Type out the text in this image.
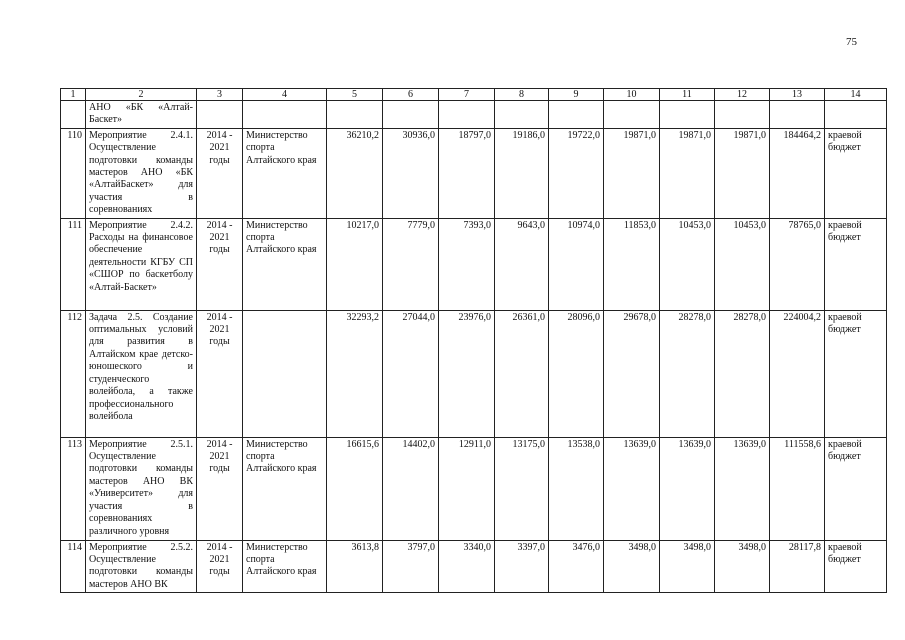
75
1	2	3	4	5	6	7	8	9	10	11	12	13	14
	АНО «БК «Алтай-Баскет»												
110	Мероприятие 2.4.1. Осуществление подготовки команды мастеров АНО «БК «АлтайБаскет» для участия в соревнованиях	2014 - 2021 годы	Министерство спорта Алтайского края	36210,2	30936,0	18797,0	19186,0	19722,0	19871,0	19871,0	19871,0	184464,2	краевой бюджет
111	Мероприятие 2.4.2. Расходы на финансовое обеспечение деятельности КГБУ СП «СШОР по баскетболу «Алтай-Баскет»	2014 - 2021 годы	Министерство спорта Алтайского края	10217,0	7779,0	7393,0	9643,0	10974,0	11853,0	10453,0	10453,0	78765,0	краевой бюджет
112	Задача 2.5. Создание оптимальных условий для развития в Алтайском крае детско-юношеского и студенческого волейбола, а также профессионального волейбола	2014 - 2021 годы		32293,2	27044,0	23976,0	26361,0	28096,0	29678,0	28278,0	28278,0	224004,2	краевой бюджет
113	Мероприятие 2.5.1. Осуществление подготовки команды мастеров АНО ВК «Университет» для участия в соревнованиях различного уровня	2014 - 2021 годы	Министерство спорта Алтайского края	16615,6	14402,0	12911,0	13175,0	13538,0	13639,0	13639,0	13639,0	111558,6	краевой бюджет
114	Мероприятие 2.5.2. Осуществление подготовки команды мастеров АНО ВК	2014 - 2021 годы	Министерство спорта Алтайского края	3613,8	3797,0	3340,0	3397,0	3476,0	3498,0	3498,0	3498,0	28117,8	краевой бюджет
